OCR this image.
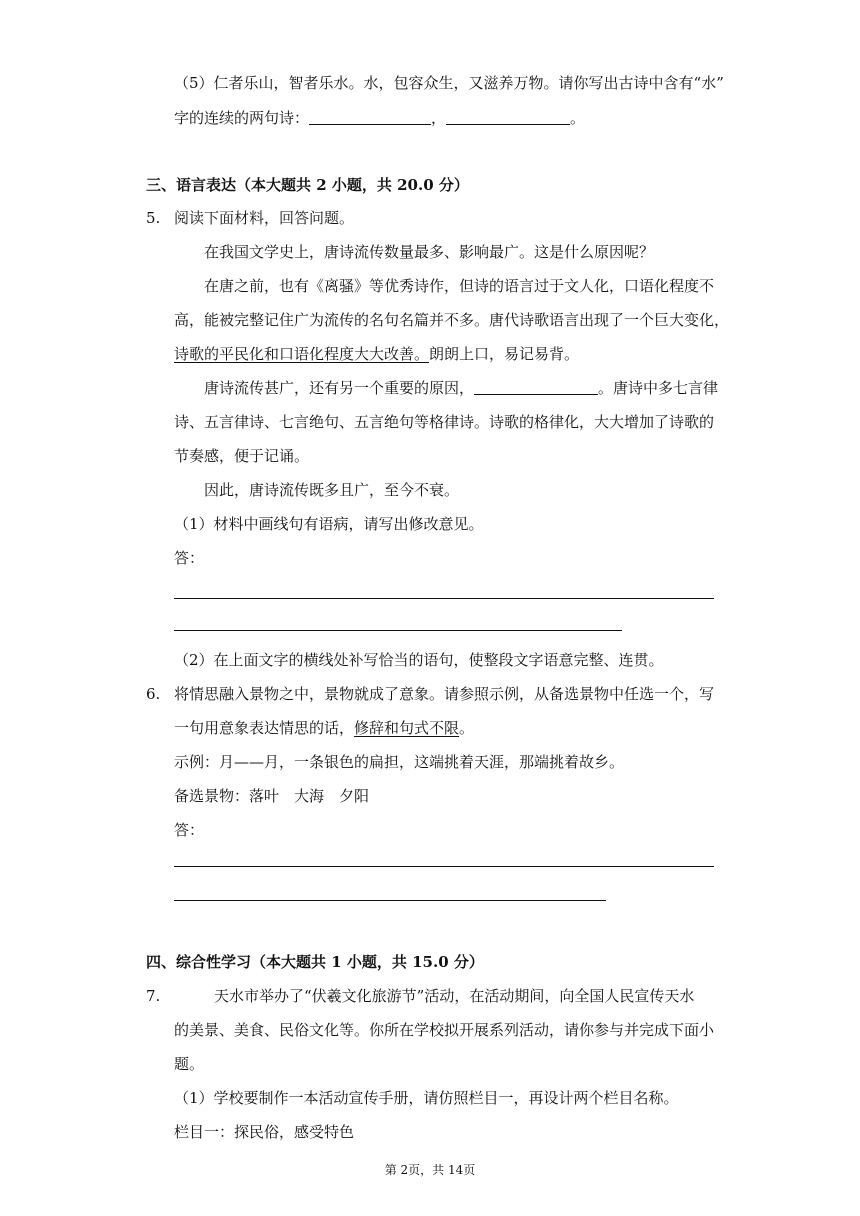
（5）仁者乐山，智者乐水。水，包容众生，又滋养万物。请你写出古诗中含有“水”
字的连续的两句诗：	，	。
三、语言表达（本大题共 2 小题，共 20.0 分）
5. 阅读下面材料，回答问题。
在我国文学史上，唐诗流传数量最多、影响最广。这是什么原因呢？
在唐之前，也有《离骚》等优秀诗作，但诗的语言过于文人化，口语化程度不
高，能被完整记住广为流传的名句名篇并不多。唐代诗歌语言出现了一个巨大变化，
诗歌的平民化和口语化程度大大改善。朗朗上口，易记易背。
唐诗流传甚广，还有另一个重要的原因，	。唐诗中多七言律
诗、五言律诗、七言绝句、五言绝句等格律诗。诗歌的格律化，大大增加了诗歌的
节奏感，便于记诵。
因此，唐诗流传既多且广，至今不衰。
（1）材料中画线句有语病，请写出修改意见。
答：
（2）在上面文字的横线处补写恰当的语句，使整段文字语意完整、连贯。
6. 将情思融入景物之中，景物就成了意象。请参照示例，从备选景物中任选一个，写
一句用意象表达情思的话，修辞和句式不限。
示例：月——月，一条银色的扁担，这端挑着天涯，那端挑着故乡。
备选景物：落叶　大海　夕阳
答：
四、综合性学习（本大题共 1 小题，共 15.0 分）
7.	天水市举办了“伏羲文化旅游节”活动，在活动期间，向全国人民宣传天水
的美景、美食、民俗文化等。你所在学校拟开展系列活动，请你参与并完成下面小
题。
（1）学校要制作一本活动宣传手册，请仿照栏目一，再设计两个栏目名称。
栏目一：探民俗，感受特色
第 2页，共 14页
